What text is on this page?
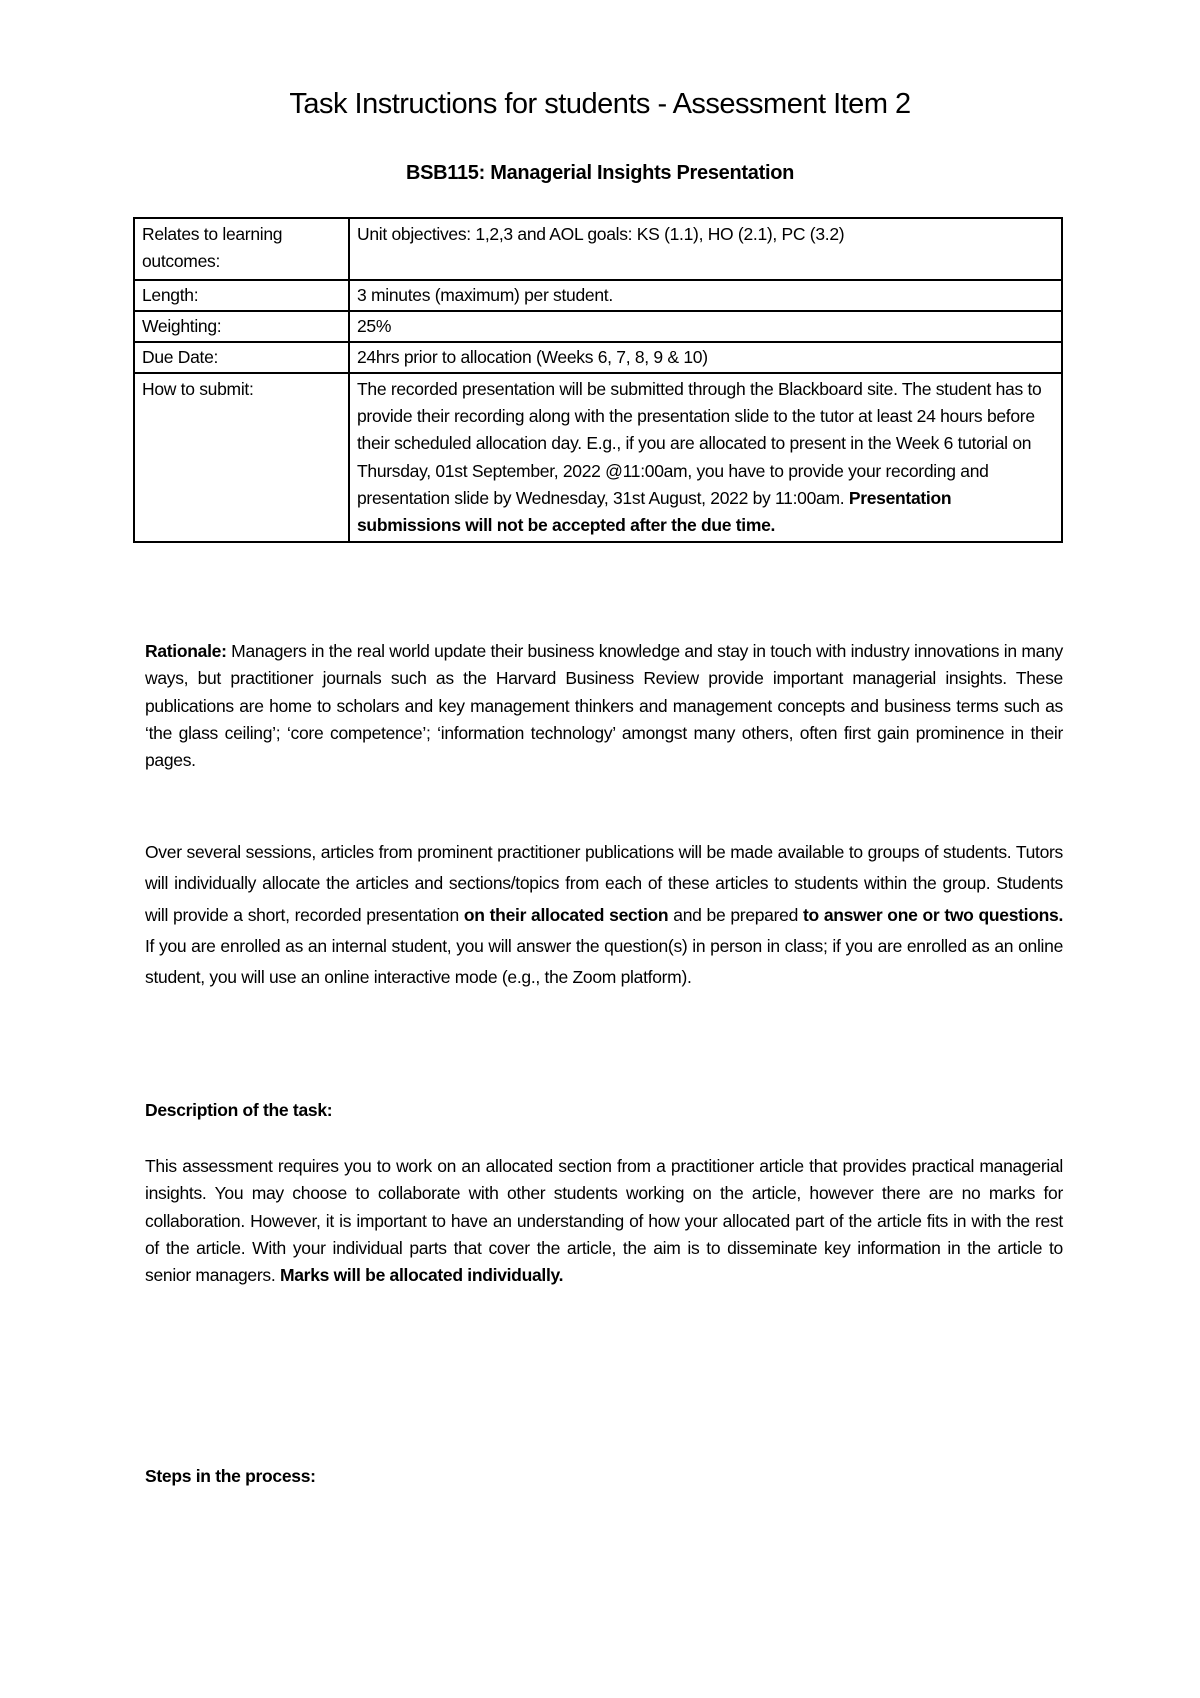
Task Instructions for students - Assessment Item 2
BSB115: Managerial Insights Presentation
Relates to learning outcomes:	Unit objectives: 1,2,3 and AOL goals: KS (1.1), HO (2.1), PC (3.2)
Length:	3 minutes (maximum) per student.
Weighting:	25%
Due Date:	24hrs prior to allocation (Weeks 6, 7, 8, 9 & 10)
How to submit:	The recorded presentation will be submitted through the Blackboard site. The student has to provide their recording along with the presentation slide to the tutor at least 24 hours before their scheduled allocation day. E.g., if you are allocated to present in the Week 6 tutorial on Thursday, 01st September, 2022 @11:00am, you have to provide your recording and presentation slide by Wednesday, 31st August, 2022 by 11:00am. Presentation submissions will not be accepted after the due time.
Rationale: Managers in the real world update their business knowledge and stay in touch with industry innovations in many ways, but practitioner journals such as the Harvard Business Review provide important managerial insights. These publications are home to scholars and key management thinkers and management concepts and business terms such as ‘the glass ceiling’; ‘core competence’; ‘information technology’ amongst many others, often first gain prominence in their pages.
Over several sessions, articles from prominent practitioner publications will be made available to groups of students. Tutors will individually allocate the articles and sections/topics from each of these articles to students within the group. Students will provide a short, recorded presentation on their allocated section and be prepared to answer one or two questions. If you are enrolled as an internal student, you will answer the question(s) in person in class; if you are enrolled as an online student, you will use an online interactive mode (e.g., the Zoom platform).
Description of the task:
This assessment requires you to work on an allocated section from a practitioner article that provides practical managerial insights. You may choose to collaborate with other students working on the article, however there are no marks for collaboration. However, it is important to have an understanding of how your allocated part of the article fits in with the rest of the article. With your individual parts that cover the article, the aim is to disseminate key information in the article to senior managers. Marks will be allocated individually.
Steps in the process:
